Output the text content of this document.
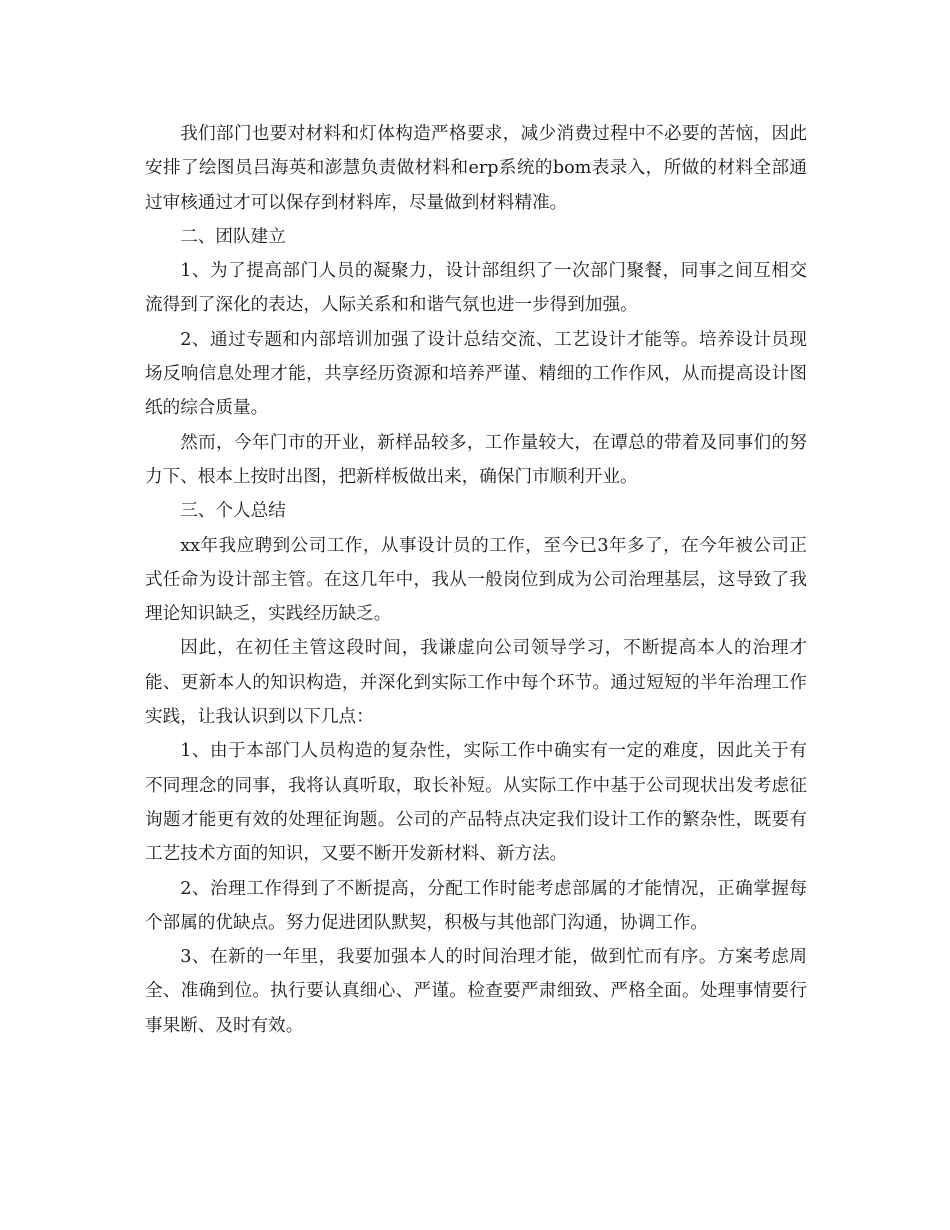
我们部门也要对材料和灯体构造严格要求，减少消费过程中不必要的苦恼，因此安排了绘图员吕海英和澎慧负责做材料和erp系统的bom表录入，所做的材料全部通过审核通过才可以保存到材料库，尽量做到材料精准。

二、团队建立

1、为了提高部门人员的凝聚力，设计部组织了一次部门聚餐，同事之间互相交流得到了深化的表达，人际关系和和谐气氛也进一步得到加强。

2、通过专题和内部培训加强了设计总结交流、工艺设计才能等。培养设计员现场反响信息处理才能，共享经历资源和培养严谨、精细的工作作风，从而提高设计图纸的综合质量。

然而，今年门市的开业，新样品较多，工作量较大，在谭总的带着及同事们的努力下、根本上按时出图，把新样板做出来，确保门市顺利开业。

三、个人总结

xx年我应聘到公司工作，从事设计员的工作，至今已3年多了，在今年被公司正式任命为设计部主管。在这几年中，我从一般岗位到成为公司治理基层，这导致了我理论知识缺乏，实践经历缺乏。

因此，在初任主管这段时间，我谦虚向公司领导学习，不断提高本人的治理才能、更新本人的知识构造，并深化到实际工作中每个环节。通过短短的半年治理工作实践，让我认识到以下几点：

1、由于本部门人员构造的复杂性，实际工作中确实有一定的难度，因此关于有不同理念的同事，我将认真听取，取长补短。从实际工作中基于公司现状出发考虑征询题才能更有效的处理征询题。公司的产品特点决定我们设计工作的繁杂性，既要有工艺技术方面的知识，又要不断开发新材料、新方法。

2、治理工作得到了不断提高，分配工作时能考虑部属的才能情况，正确掌握每个部属的优缺点。努力促进团队默契，积极与其他部门沟通，协调工作。

3、在新的一年里，我要加强本人的时间治理才能，做到忙而有序。方案考虑周全、准确到位。执行要认真细心、严谨。检查要严肃细致、严格全面。处理事情要行事果断、及时有效。
